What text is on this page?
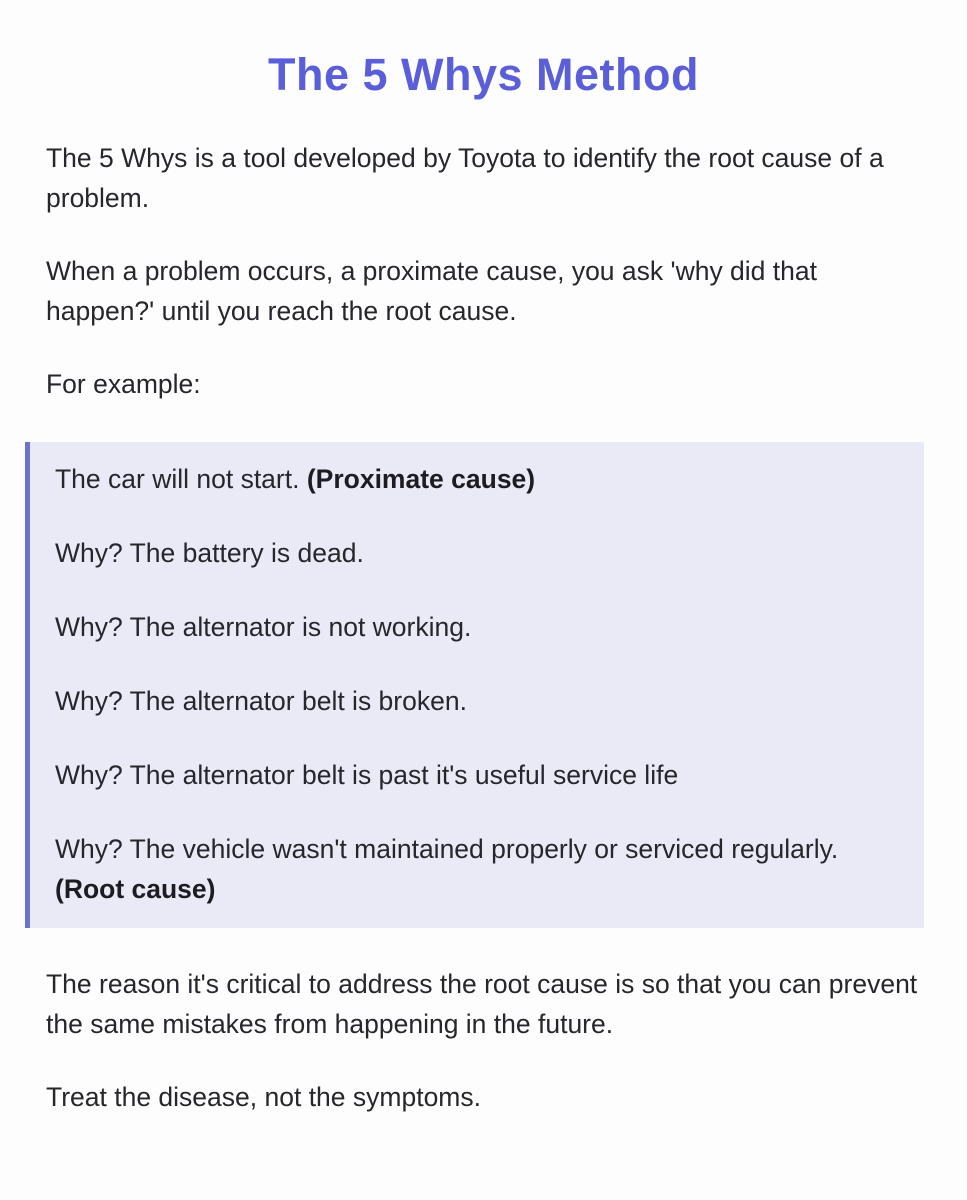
The 5 Whys Method

The 5 Whys is a tool developed by Toyota to identify the root cause of a problem.

When a problem occurs, a proximate cause, you ask 'why did that happen?' until you reach the root cause.

For example:

The car will not start. (Proximate cause)

Why? The battery is dead.

Why? The alternator is not working.

Why? The alternator belt is broken.

Why? The alternator belt is past it's useful service life

Why? The vehicle wasn't maintained properly or serviced regularly. (Root cause)

The reason it's critical to address the root cause is so that you can prevent the same mistakes from happening in the future.

Treat the disease, not the symptoms.
